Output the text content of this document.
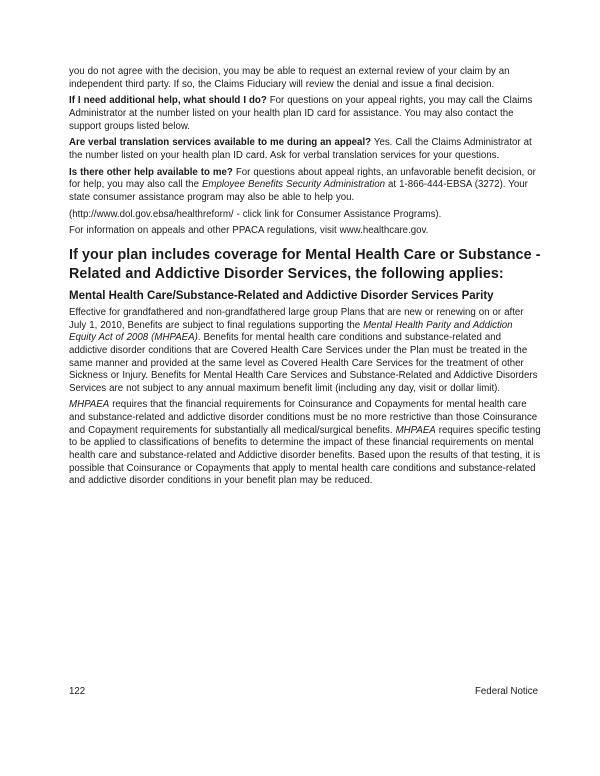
you do not agree with the decision, you may be able to request an external review of your claim by an independent third party. If so, the Claims Fiduciary will review the denial and issue a final decision.

If I need additional help, what should I do? For questions on your appeal rights, you may call the Claims Administrator at the number listed on your health plan ID card for assistance. You may also contact the support groups listed below.

Are verbal translation services available to me during an appeal? Yes. Call the Claims Administrator at the number listed on your health plan ID card. Ask for verbal translation services for your questions.

Is there other help available to me? For questions about appeal rights, an unfavorable benefit decision, or for help, you may also call the Employee Benefits Security Administration at 1-866-444-EBSA (3272). Your state consumer assistance program may also be able to help you.

(http://www.dol.gov.ebsa/healthreform/ - click link for Consumer Assistance Programs).

For information on appeals and other PPACA regulations, visit www.healthcare.gov.

If your plan includes coverage for Mental Health Care or Substance - Related and Addictive Disorder Services, the following applies:
Mental Health Care/Substance-Related and Addictive Disorder Services Parity

Effective for grandfathered and non-grandfathered large group Plans that are new or renewing on or after July 1, 2010, Benefits are subject to final regulations supporting the Mental Health Parity and Addiction Equity Act of 2008 (MHPAEA). Benefits for mental health care conditions and substance-related and addictive disorder conditions that are Covered Health Care Services under the Plan must be treated in the same manner and provided at the same level as Covered Health Care Services for the treatment of other Sickness or Injury. Benefits for Mental Health Care Services and Substance-Related and Addictive Disorders Services are not subject to any annual maximum benefit limit (including any day, visit or dollar limit).

MHPAEA requires that the financial requirements for Coinsurance and Copayments for mental health care and substance-related and addictive disorder conditions must be no more restrictive than those Coinsurance and Copayment requirements for substantially all medical/surgical benefits. MHPAEA requires specific testing to be applied to classifications of benefits to determine the impact of these financial requirements on mental health care and substance-related and Addictive disorder benefits. Based upon the results of that testing, it is possible that Coinsurance or Copayments that apply to mental health care conditions and substance-related and addictive disorder conditions in your benefit plan may be reduced.

122	Federal Notice
